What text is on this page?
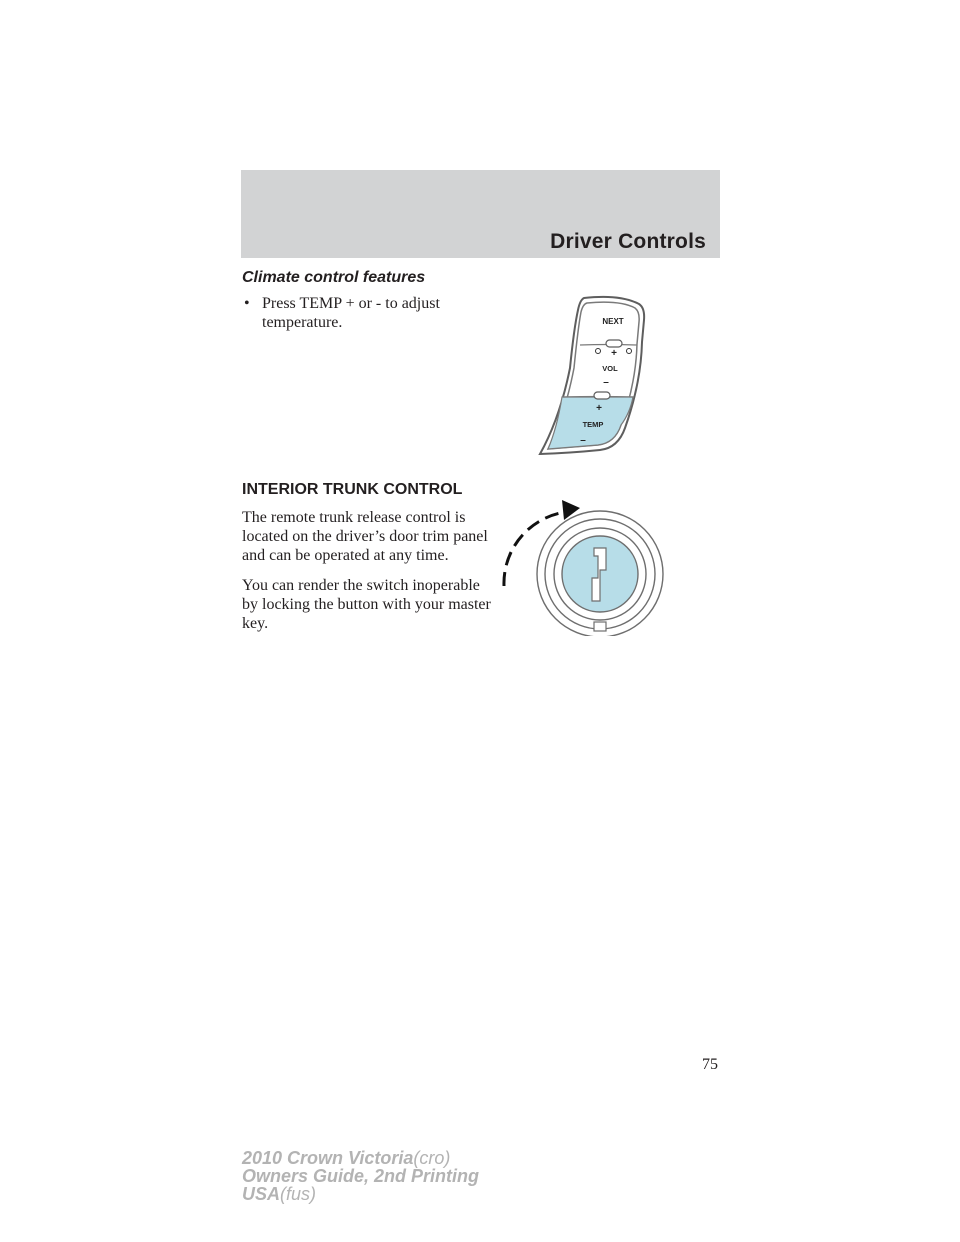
Driver Controls
Climate control features
• Press TEMP + or - to adjust temperature.	NEXT
+
VOL
–
+
TEMP
–
INTERIOR TRUNK CONTROL

The remote trunk release control is located on the driver’s door trim panel and can be operated at any time.

You can render the switch inoperable by locking the button with your master key.

75
2010 Crown Victoria(cro)
Owners Guide, 2nd Printing
USA(fus)
